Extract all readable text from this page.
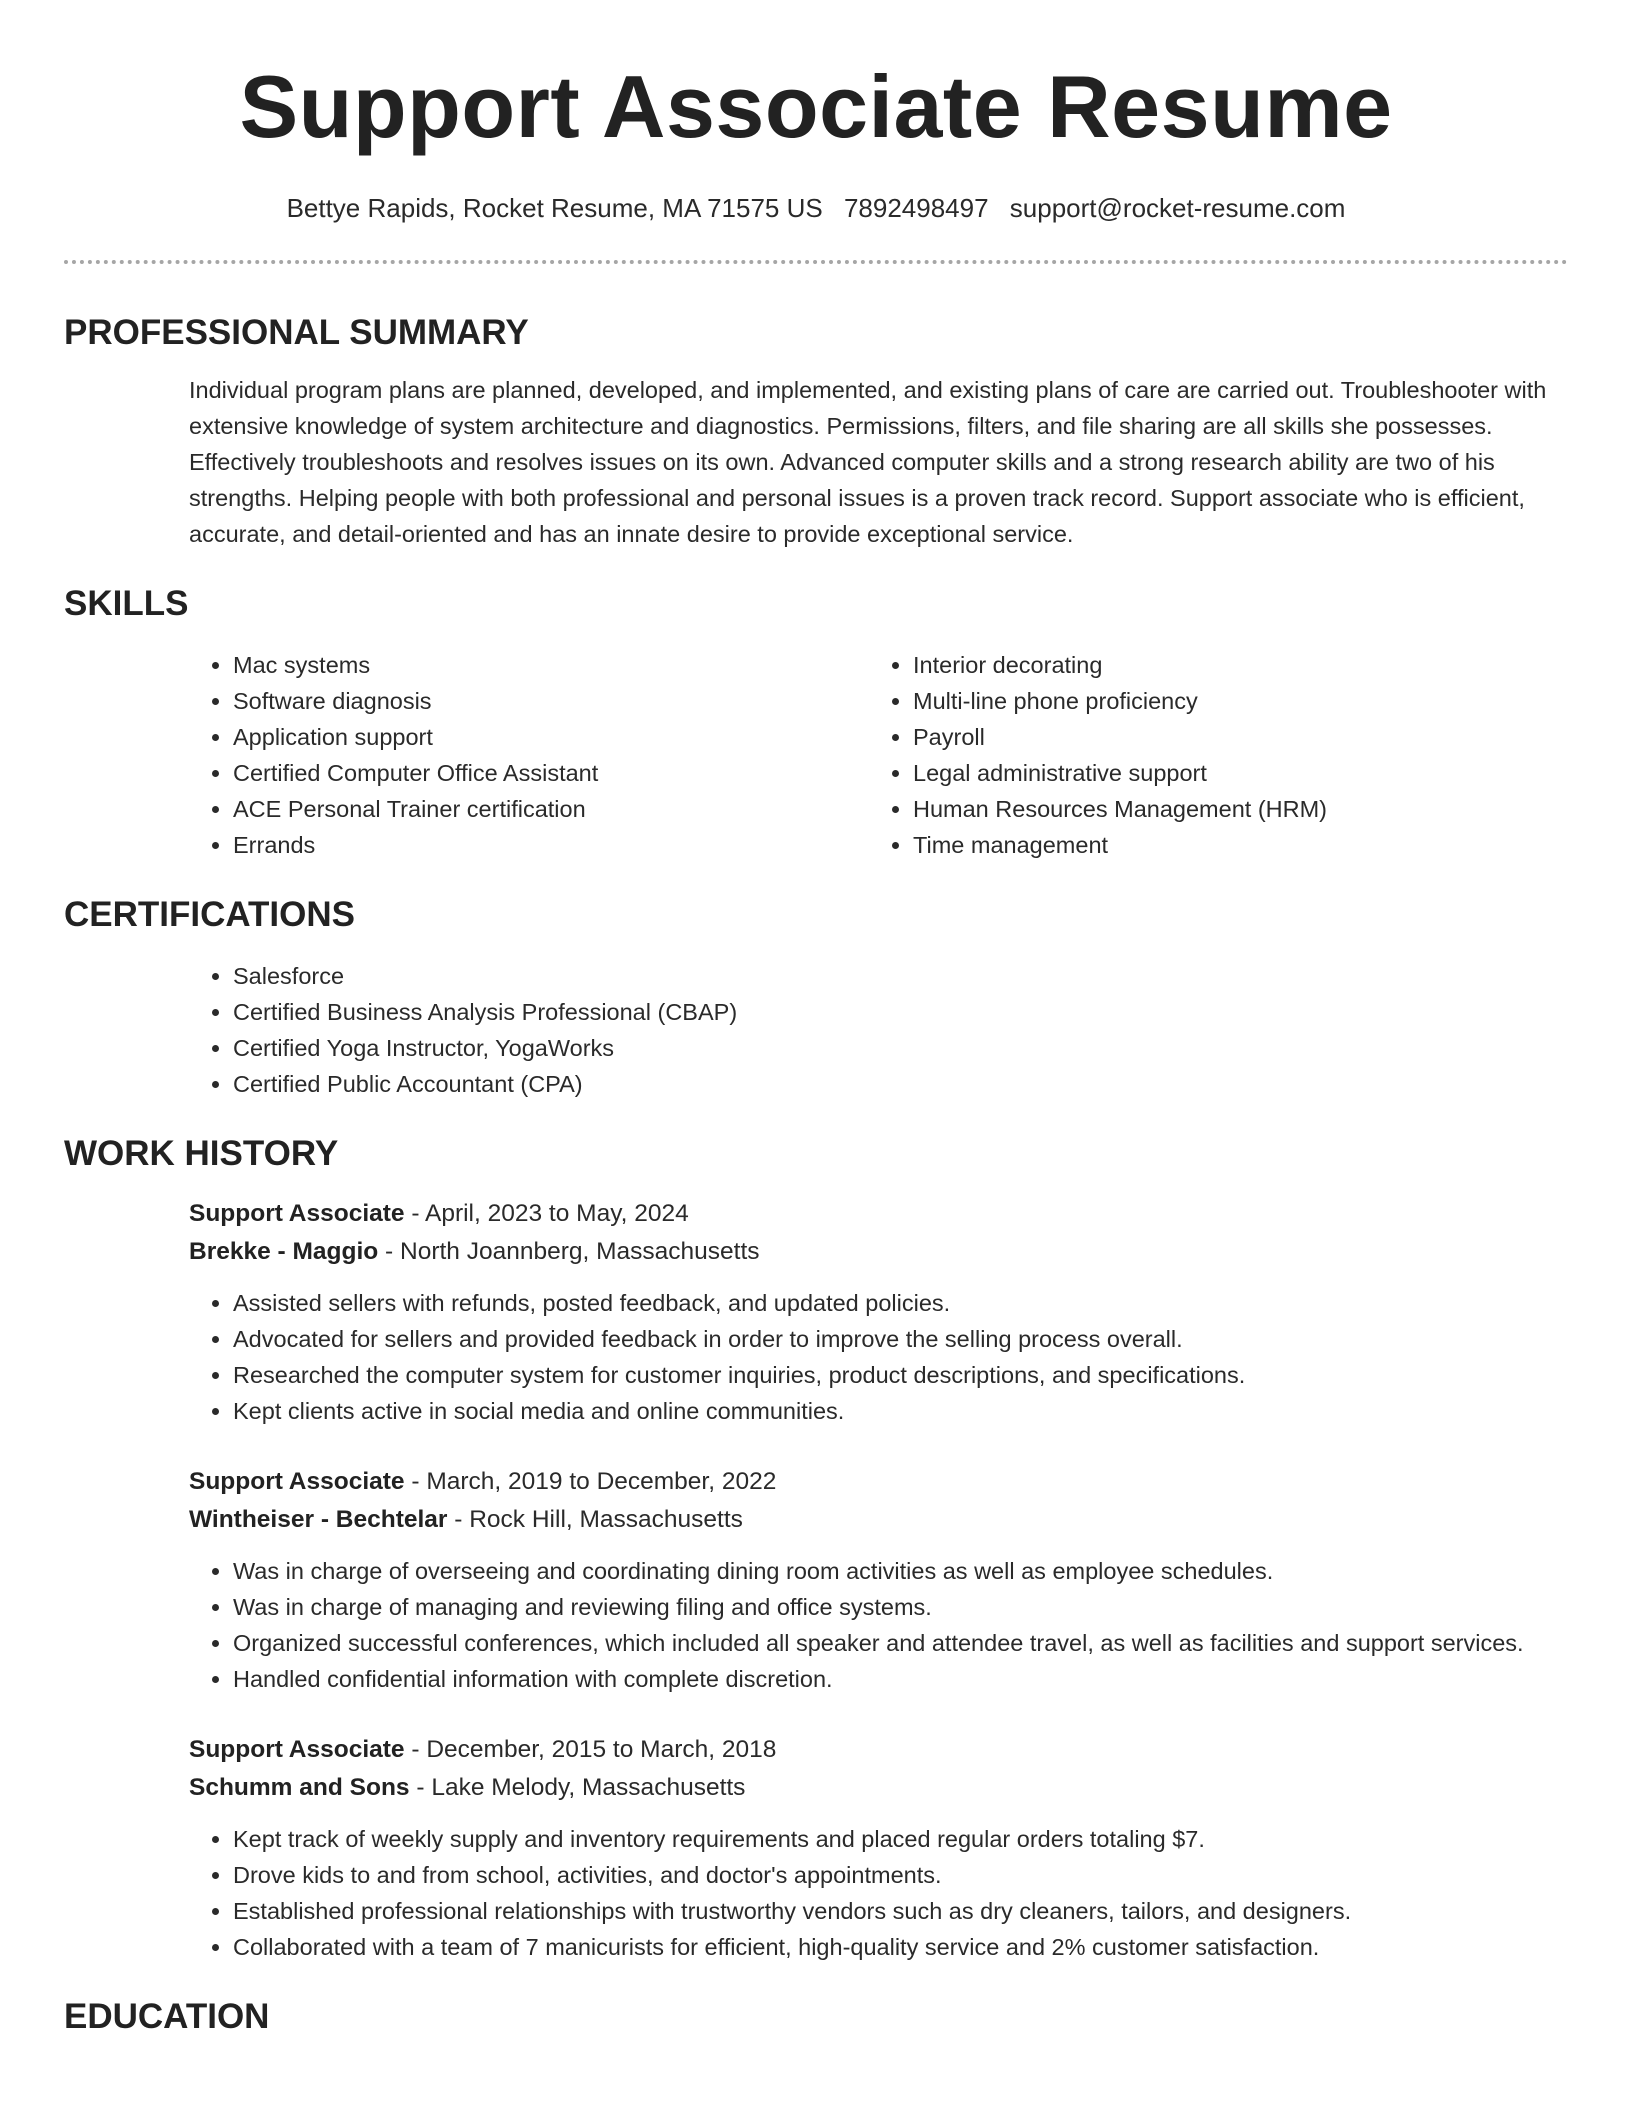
Support Associate Resume
Bettye Rapids, Rocket Resume, MA 71575 US 7892498497 support@rocket-resume.com
PROFESSIONAL SUMMARY

Individual program plans are planned, developed, and implemented, and existing plans of care are carried out. Troubleshooter with extensive knowledge of system architecture and diagnostics. Permissions, filters, and file sharing are all skills she possesses. Effectively troubleshoots and resolves issues on its own. Advanced computer skills and a strong research ability are two of his strengths. Helping people with both professional and personal issues is a proven track record. Support associate who is efficient, accurate, and detail-oriented and has an innate desire to provide exceptional service.

SKILLS
• Mac systems
• Software diagnosis
• Application support
• Certified Computer Office Assistant
• ACE Personal Trainer certification
• Errands
• Interior decorating
• Multi-line phone proficiency
• Payroll
• Legal administrative support
• Human Resources Management (HRM)
• Time management
CERTIFICATIONS
• Salesforce
• Certified Business Analysis Professional (CBAP)
• Certified Yoga Instructor, YogaWorks
• Certified Public Accountant (CPA)
WORK HISTORY
Support Associate - April, 2023 to May, 2024
Brekke - Maggio - North Joannberg, Massachusetts
• Assisted sellers with refunds, posted feedback, and updated policies.
• Advocated for sellers and provided feedback in order to improve the selling process overall.
• Researched the computer system for customer inquiries, product descriptions, and specifications.
• Kept clients active in social media and online communities.
Support Associate - March, 2019 to December, 2022
Wintheiser - Bechtelar - Rock Hill, Massachusetts
• Was in charge of overseeing and coordinating dining room activities as well as employee schedules.
• Was in charge of managing and reviewing filing and office systems.
• Organized successful conferences, which included all speaker and attendee travel, as well as facilities and support services.
• Handled confidential information with complete discretion.
Support Associate - December, 2015 to March, 2018
Schumm and Sons - Lake Melody, Massachusetts
• Kept track of weekly supply and inventory requirements and placed regular orders totaling $7.
• Drove kids to and from school, activities, and doctor's appointments.
• Established professional relationships with trustworthy vendors such as dry cleaners, tailors, and designers.
• Collaborated with a team of 7 manicurists for efficient, high-quality service and 2% customer satisfaction.
EDUCATION
